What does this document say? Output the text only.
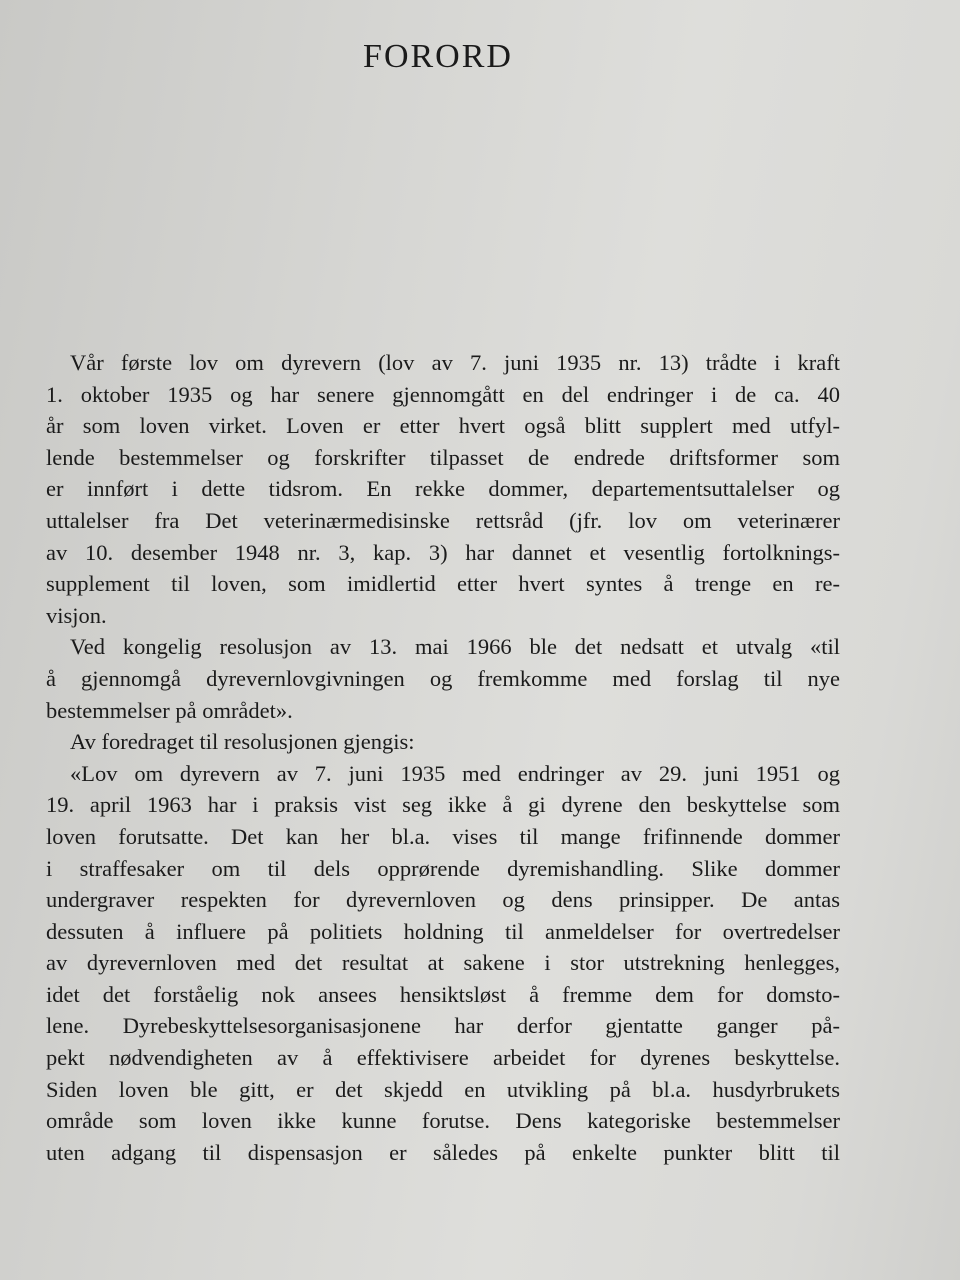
FORORD
Vår første lov om dyrevern (lov av 7. juni 1935 nr. 13) trådte i kraft
1. oktober 1935 og har senere gjennomgått en del endringer i de ca. 40
år som loven virket. Loven er etter hvert også blitt supplert med utfyl-
lende bestemmelser og forskrifter tilpasset de endrede driftsformer som
er innført i dette tidsrom. En rekke dommer, departementsuttalelser og
uttalelser fra Det veterinærmedisinske rettsråd (jfr. lov om veterinærer
av 10. desember 1948 nr. 3, kap. 3) har dannet et vesentlig fortolknings-
supplement til loven, som imidlertid etter hvert syntes å trenge en re-
visjon.
Ved kongelig resolusjon av 13. mai 1966 ble det nedsatt et utvalg «til
å gjennomgå dyrevernlovgivningen og fremkomme med forslag til nye
bestemmelser på området».
Av foredraget til resolusjonen gjengis:
«Lov om dyrevern av 7. juni 1935 med endringer av 29. juni 1951 og
19. april 1963 har i praksis vist seg ikke å gi dyrene den beskyttelse som
loven forutsatte. Det kan her bl.a. vises til mange frifinnende dommer
i straffesaker om til dels opprørende dyremishandling. Slike dommer
undergraver respekten for dyrevernloven og dens prinsipper. De antas
dessuten å influere på politiets holdning til anmeldelser for overtredelser
av dyrevernloven med det resultat at sakene i stor utstrekning henlegges,
idet det forståelig nok ansees hensiktsløst å fremme dem for domsto-
lene. Dyrebeskyttelsesorganisasjonene har derfor gjentatte ganger på-
pekt nødvendigheten av å effektivisere arbeidet for dyrenes beskyttelse.
Siden loven ble gitt, er det skjedd en utvikling på bl.a. husdyrbrukets
område som loven ikke kunne forutse. Dens kategoriske bestemmelser
uten adgang til dispensasjon er således på enkelte punkter blitt til
